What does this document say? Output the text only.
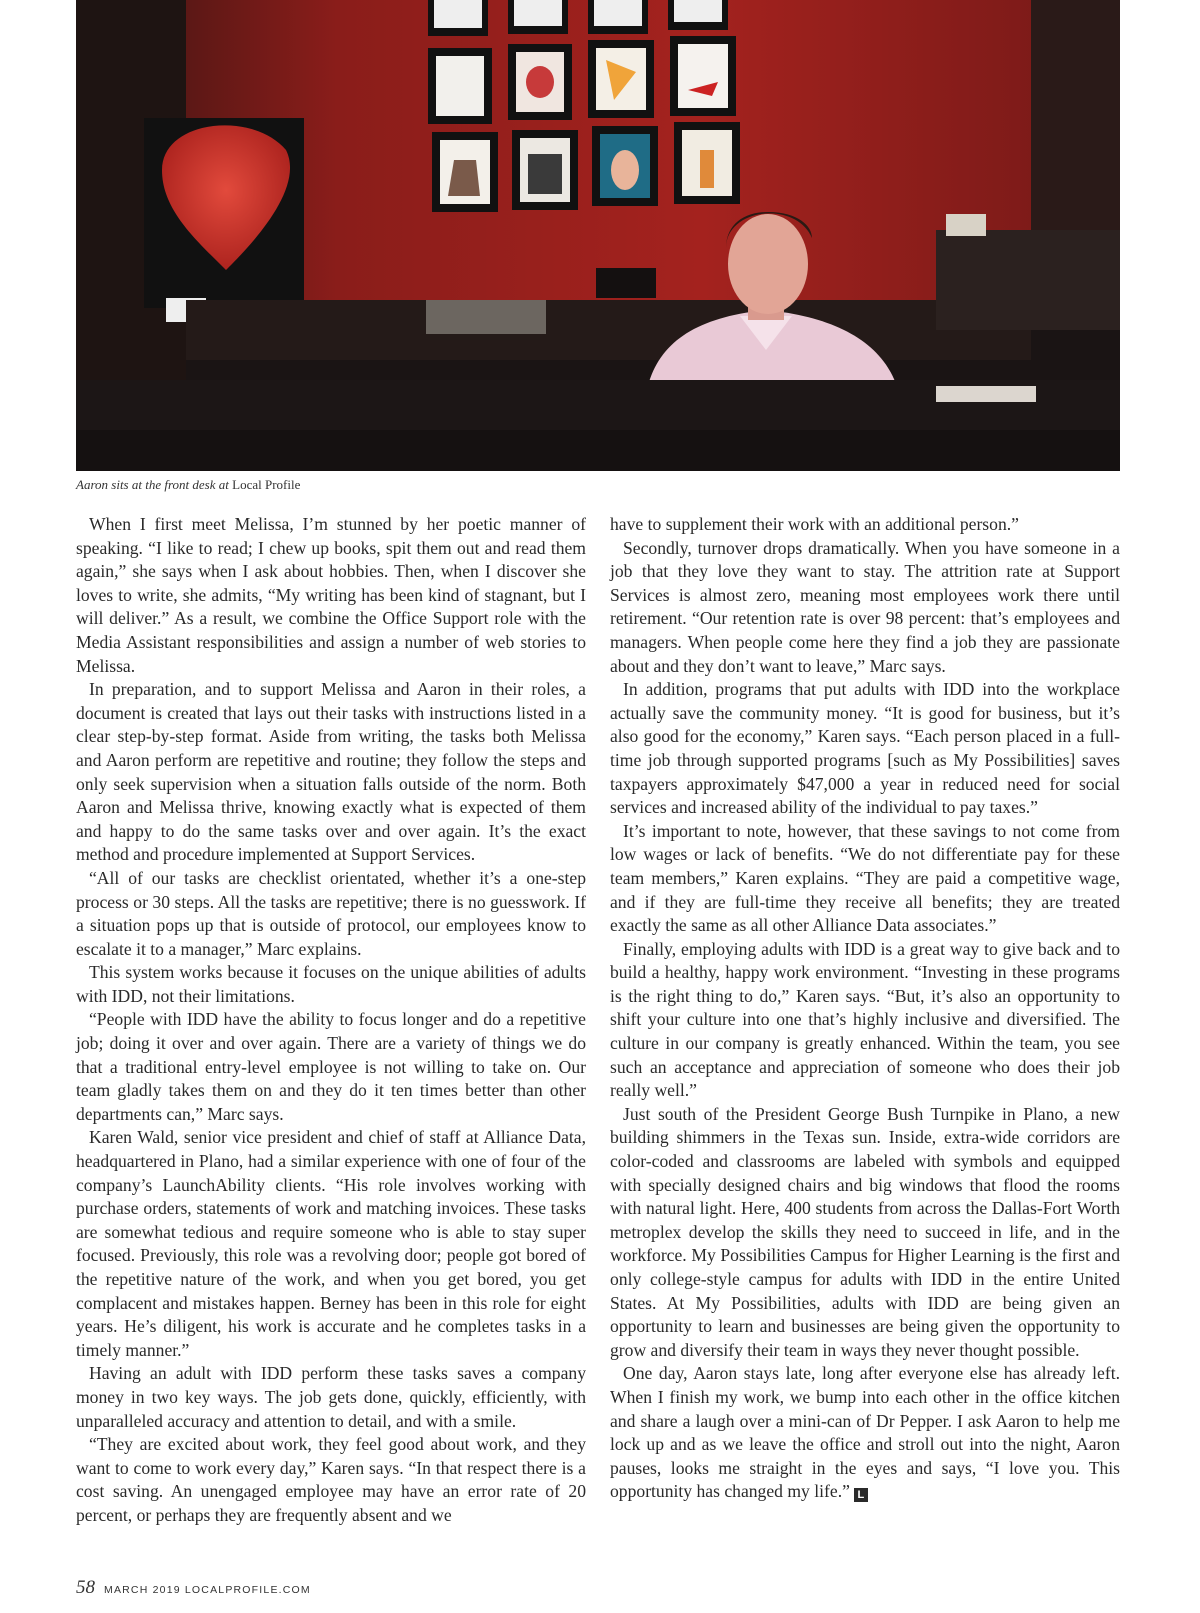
Aaron sits at the front desk at Local Profile

When I first meet Melissa, I’m stunned by her poetic manner of speaking. “I like to read; I chew up books, spit them out and read them again,” she says when I ask about hobbies. Then, when I discover she loves to write, she admits, “My writing has been kind of stagnant, but I will deliver.” As a result, we combine the Office Support role with the Media Assistant responsibilities and assign a number of web stories to Melissa.

In preparation, and to support Melissa and Aaron in their roles, a document is created that lays out their tasks with instructions listed in a clear step-by-step format. Aside from writing, the tasks both Melissa and Aaron perform are repetitive and routine; they follow the steps and only seek supervision when a situation falls outside of the norm. Both Aaron and Melissa thrive, knowing exactly what is expected of them and happy to do the same tasks over and over again. It’s the exact method and procedure implemented at Support Services.

“All of our tasks are checklist orientated, whether it’s a one-step process or 30 steps. All the tasks are repetitive; there is no guesswork. If a situation pops up that is outside of protocol, our employees know to escalate it to a manager,” Marc explains.

This system works because it focuses on the unique abilities of adults with IDD, not their limitations.

“People with IDD have the ability to focus longer and do a repetitive job; doing it over and over again. There are a variety of things we do that a traditional entry-level employee is not willing to take on. Our team gladly takes them on and they do it ten times better than other departments can,” Marc says.

Karen Wald, senior vice president and chief of staff at Alliance Data, headquartered in Plano, had a similar experience with one of four of the company’s LaunchAbility clients. “His role involves working with purchase orders, statements of work and matching invoices. These tasks are somewhat tedious and require someone who is able to stay super focused. Previously, this role was a revolving door; people got bored of the repetitive nature of the work, and when you get bored, you get complacent and mistakes happen. Berney has been in this role for eight years. He’s diligent, his work is accurate and he completes tasks in a timely manner.”

Having an adult with IDD perform these tasks saves a company money in two key ways. The job gets done, quickly, efficiently, with unparalleled accuracy and attention to detail, and with a smile.

“They are excited about work, they feel good about work, and they want to come to work every day,” Karen says. “In that respect there is a cost saving. An unengaged employee may have an error rate of 20 percent, or perhaps they are frequently absent and we

have to supplement their work with an additional person.”

Secondly, turnover drops dramatically. When you have someone in a job that they love they want to stay. The attrition rate at Support Services is almost zero, meaning most employees work there until retirement. “Our retention rate is over 98 percent: that’s employees and managers. When people come here they find a job they are passionate about and they don’t want to leave,” Marc says.

In addition, programs that put adults with IDD into the workplace actually save the community money. “It is good for business, but it’s also good for the economy,” Karen says. “Each person placed in a full-time job through supported programs [such as My Possibilities] saves taxpayers approximately $47,000 a year in reduced need for social services and increased ability of the individual to pay taxes.”

It’s important to note, however, that these savings to not come from low wages or lack of benefits. “We do not differentiate pay for these team members,” Karen explains. “They are paid a competitive wage, and if they are full-time they receive all benefits; they are treated exactly the same as all other Alliance Data associates.”

Finally, employing adults with IDD is a great way to give back and to build a healthy, happy work environment. “Investing in these programs is the right thing to do,” Karen says. “But, it’s also an opportunity to shift your culture into one that’s highly inclusive and diversified. The culture in our company is greatly enhanced. Within the team, you see such an acceptance and appreciation of someone who does their job really well.”

Just south of the President George Bush Turnpike in Plano, a new building shimmers in the Texas sun. Inside, extra-wide corridors are color-coded and classrooms are labeled with symbols and equipped with specially designed chairs and big windows that flood the rooms with natural light. Here, 400 students from across the Dallas-Fort Worth metroplex develop the skills they need to succeed in life, and in the workforce. My Possibilities Campus for Higher Learning is the first and only college-style campus for adults with IDD in the entire United States. At My Possibilities, adults with IDD are being given an opportunity to learn and businesses are being given the opportunity to grow and diversify their team in ways they never thought possible.

One day, Aaron stays late, long after everyone else has already left. When I finish my work, we bump into each other in the office kitchen and share a laugh over a mini-can of Dr Pepper. I ask Aaron to help me lock up and as we leave the office and stroll out into the night, Aaron pauses, looks me straight in the eyes and says, “I love you. This opportunity has changed my life.” L

58 MARCH 2019 LOCALPROFILE.COM
